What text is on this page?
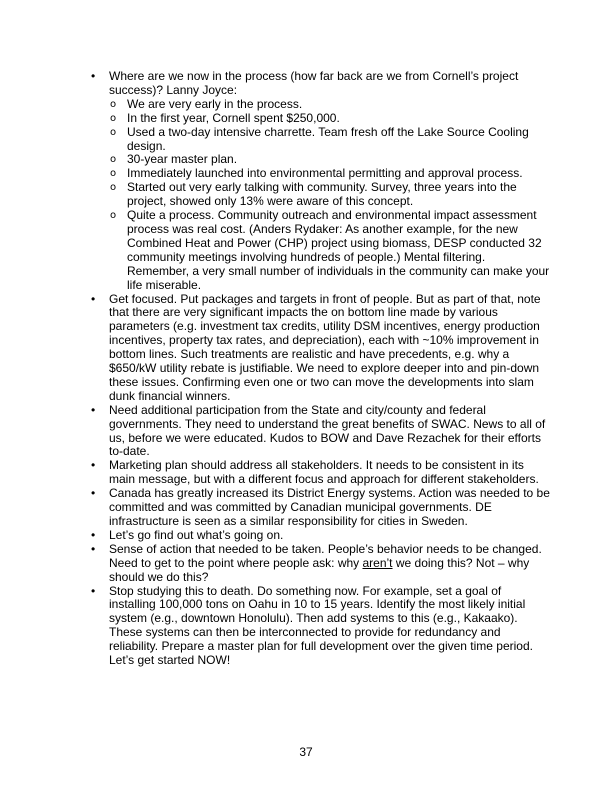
• Where are we now in the process (how far back are we from Cornell’s project success)? Lanny Joyce:
o We are very early in the process.
o In the first year, Cornell spent $250,000.
o Used a two-day intensive charrette. Team fresh off the Lake Source Cooling design.
o 30-year master plan.
o Immediately launched into environmental permitting and approval process.
o Started out very early talking with community. Survey, three years into the project, showed only 13% were aware of this concept.
o Quite a process. Community outreach and environmental impact assessment process was real cost. (Anders Rydaker: As another example, for the new Combined Heat and Power (CHP) project using biomass, DESP conducted 32 community meetings involving hundreds of people.) Mental filtering. Remember, a very small number of individuals in the community can make your life miserable.
• Get focused. Put packages and targets in front of people. But as part of that, note that there are very significant impacts the on bottom line made by various parameters (e.g. investment tax credits, utility DSM incentives, energy production incentives, property tax rates, and depreciation), each with ~10% improvement in bottom lines. Such treatments are realistic and have precedents, e.g. why a $650/kW utility rebate is justifiable. We need to explore deeper into and pin-down these issues. Confirming even one or two can move the developments into slam dunk financial winners.
• Need additional participation from the State and city/county and federal governments. They need to understand the great benefits of SWAC. News to all of us, before we were educated. Kudos to BOW and Dave Rezachek for their efforts to-date.
• Marketing plan should address all stakeholders. It needs to be consistent in its main message, but with a different focus and approach for different stakeholders.
• Canada has greatly increased its District Energy systems. Action was needed to be committed and was committed by Canadian municipal governments. DE infrastructure is seen as a similar responsibility for cities in Sweden.
• Let’s go find out what’s going on.
• Sense of action that needed to be taken. People’s behavior needs to be changed. Need to get to the point where people ask: why aren’t we doing this? Not – why should we do this?
• Stop studying this to death. Do something now. For example, set a goal of installing 100,000 tons on Oahu in 10 to 15 years. Identify the most likely initial system (e.g., downtown Honolulu). Then add systems to this (e.g., Kakaako). These systems can then be interconnected to provide for redundancy and reliability. Prepare a master plan for full development over the given time period. Let’s get started NOW!
37
